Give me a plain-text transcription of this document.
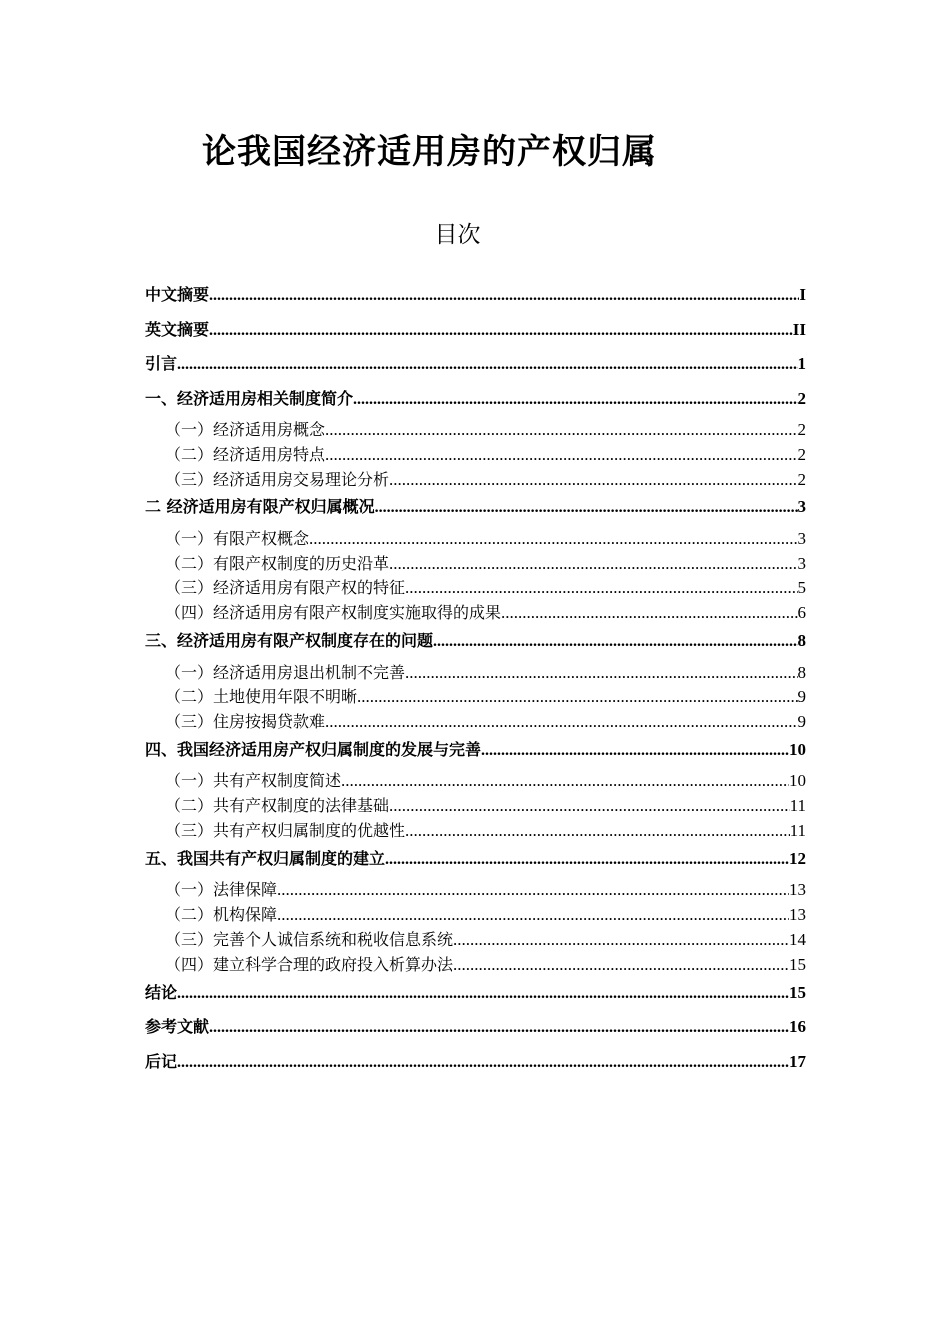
论我国经济适用房的产权归属
目次
中文摘要 .....	I
英文摘要 .....	II
引言 .....	1
一、经济适用房相关制度简介 .....	2
（一）经济适用房概念 .....	2
（二）经济适用房特点 .....	2
（三）经济适用房交易理论分析 .....	2
二 经济适用房有限产权归属概况 .....	3
（一）有限产权概念 .....	3
（二）有限产权制度的历史沿革 .....	3
（三）经济适用房有限产权的特征 .....	5
（四）经济适用房有限产权制度实施取得的成果 .....	6
三、经济适用房有限产权制度存在的问题 .....	8
（一）经济适用房退出机制不完善 .....	8
（二）土地使用年限不明晰 .....	9
（三）住房按揭贷款难 .....	9
四、我国经济适用房产权归属制度的发展与完善 .....	10
（一）共有产权制度简述 .....	10
（二）共有产权制度的法律基础 .....	11
（三）共有产权归属制度的优越性 .....	11
五、我国共有产权归属制度的建立 .....	12
（一）法律保障 .....	13
（二）机构保障 .....	13
（三）完善个人诚信系统和税收信息系统 .....	14
（四）建立科学合理的政府投入析算办法 .....	15
结论 .....	15
参考文献 .....	16
后记 .....	17
